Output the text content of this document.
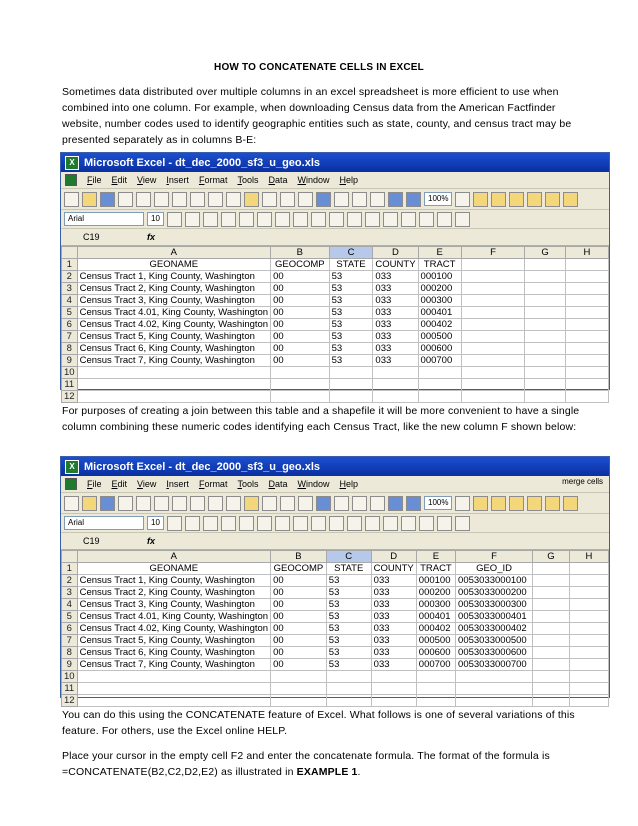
HOW TO CONCATENATE CELLS IN EXCEL

Sometimes data distributed over multiple columns in an excel spreadsheet is more efficient to use when combined into one column. For example, when downloading Census data from the American Factfinder website, number codes used to identify geographic entities such as state, county, and census tract may be presented separately as in columns B-E:

X Microsoft Excel - dt_dec_2000_sf3_u_geo.xls
File Edit View Insert Format Tools Data Window Help
100%
Arial	10
C19	fx
	A	B	C	D	E	F	G	H
1	GEONAME	GEOCOMP	STATE	COUNTY	TRACT			
2	Census Tract 1, King County, Washington	00	53	033	000100			
3	Census Tract 2, King County, Washington	00	53	033	000200			
4	Census Tract 3, King County, Washington	00	53	033	000300			
5	Census Tract 4.01, King County, Washington	00	53	033	000401			
6	Census Tract 4.02, King County, Washington	00	53	033	000402			
7	Census Tract 5, King County, Washington	00	53	033	000500			
8	Census Tract 6, King County, Washington	00	53	033	000600			
9	Census Tract 7, King County, Washington	00	53	033	000700			
10								
11								
12								

For purposes of creating a join between this table and a shapefile it will be more convenient to have a single column combining these numeric codes identifying each Census Tract, like the new column F shown below:

X Microsoft Excel - dt_dec_2000_sf3_u_geo.xls
File Edit View Insert Format Tools Data Window Help	merge cells
100%
Arial	10
C19	fx
	A	B	C	D	E	F	G	H
1	GEONAME	GEOCOMP	STATE	COUNTY	TRACT	GEO_ID		
2	Census Tract 1, King County, Washington	00	53	033	000100	0053033000100		
3	Census Tract 2, King County, Washington	00	53	033	000200	0053033000200		
4	Census Tract 3, King County, Washington	00	53	033	000300	0053033000300		
5	Census Tract 4.01, King County, Washington	00	53	033	000401	0053033000401		
6	Census Tract 4.02, King County, Washington	00	53	033	000402	0053033000402		
7	Census Tract 5, King County, Washington	00	53	033	000500	0053033000500		
8	Census Tract 6, King County, Washington	00	53	033	000600	0053033000600		
9	Census Tract 7, King County, Washington	00	53	033	000700	0053033000700		
10								
11								
12								

You can do this using the CONCATENATE feature of Excel. What follows is one of several variations of this feature. For others, use the Excel online HELP.

Place your cursor in the empty cell F2 and enter the concatenate formula. The format of the formula is =CONCATENATE(B2,C2,D2,E2) as illustrated in EXAMPLE 1.
